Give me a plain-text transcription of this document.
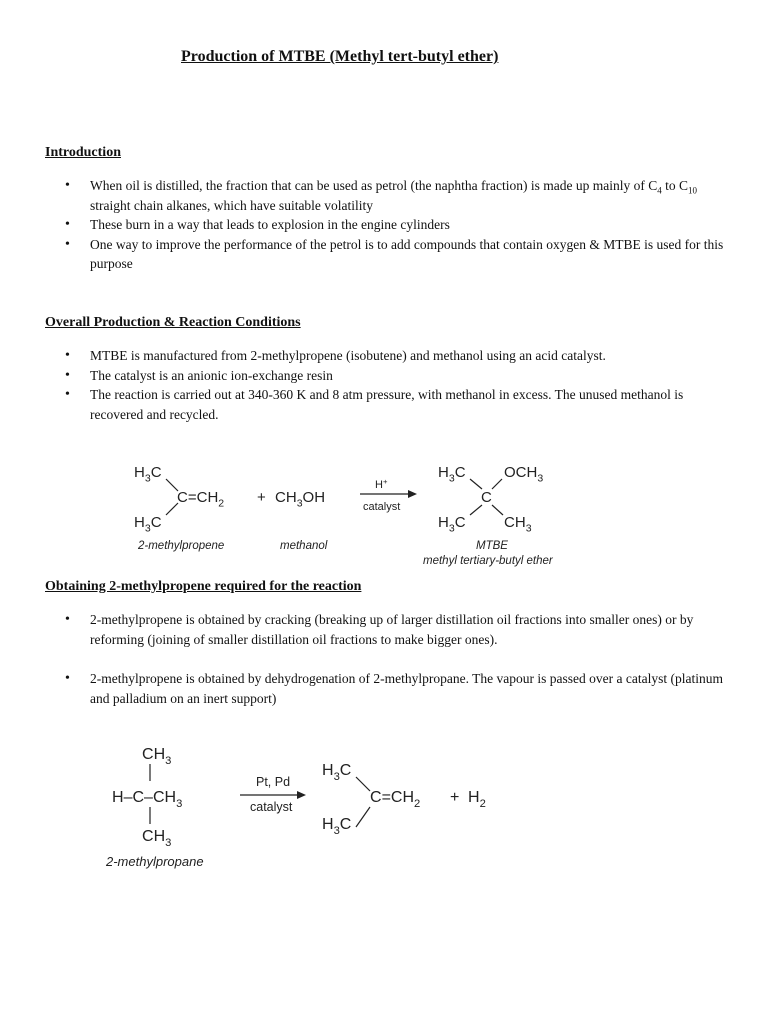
Production of MTBE (Methyl tert-butyl ether)
Introduction
• When oil is distilled, the fraction that can be used as petrol (the naphtha fraction) is made up mainly of $C_4$ to $C_{10}$ straight chain alkanes, which have suitable volatility
• These burn in a way that leads to explosion in the engine cylinders
• One way to improve the performance of the petrol is to add compounds that contain oxygen & MTBE is used for this purpose
Overall Production & Reaction Conditions
• MTBE is manufactured from 2-methylpropene (isobutene) and methanol using an acid catalyst.
• The catalyst is an anionic ion-exchange resin
• The reaction is carried out at 340-360 K and 8 atm pressure, with methanol in excess. The unused methanol is recovered and recycled.
$H_3C$
$C=CH_2$
$H_3C$
2-methylpropene
+ $CH_3OH$
methanol
H+
catalyst
$H_3C$	$OCH_3$
C
$H_3C$	$CH_3$
MTBE
methyl tertiary-butyl ether
Obtaining 2-methylpropene required for the reaction
• 2-methylpropene is obtained by cracking (breaking up of larger distillation oil fractions into smaller ones) or by reforming (joining of smaller distillation oil fractions to make bigger ones).
• 2-methylpropene is obtained by dehydrogenation of 2-methylpropane. The vapour is passed over a catalyst (platinum and palladium on an inert support)
$CH_3$
$H-C-CH_3$
$CH_3$
2-methylpropane
Pt, Pd
catalyst
$H_3C$
$C=CH_2$
$H_3C$
+ $H_2$
